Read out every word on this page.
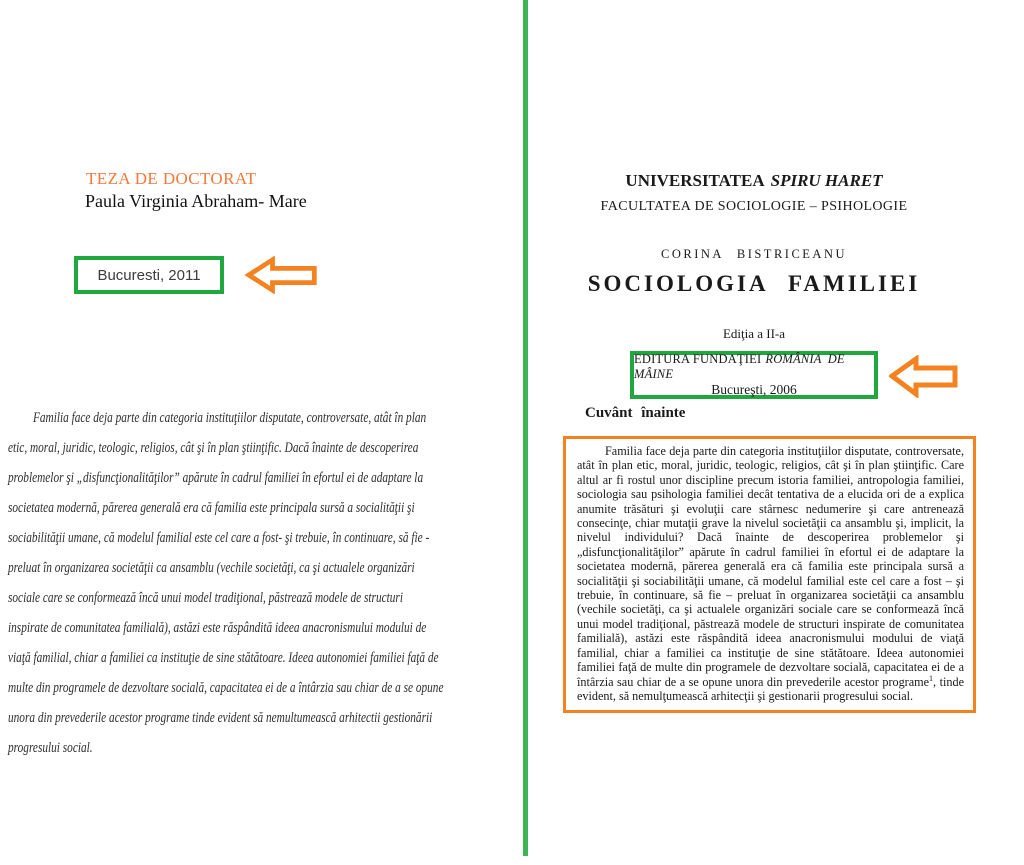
TEZA DE DOCTORAT
Paula Virginia Abraham- Mare
Bucuresti, 2011
Familia face deja parte din categoria instituţiilor disputate, controversate, atât în plan
etic, moral, juridic, teologic, religios, cât şi în plan ştiinţific. Dacă înainte de descoperirea
problemelor şi „disfuncţionalităţilor” apărute în cadrul familiei în efortul ei de adaptare la
societatea modernă, părerea generală era că familia este principala sursă a socialităţii şi
sociabilităţii umane, că modelul familial este cel care a fost- şi trebuie, în continuare, să fie -
preluat în organizarea societăţii ca ansamblu (vechile societăţi, ca şi actualele organizări
sociale care se conformează încă unui model tradiţional, păstrează modele de structuri
inspirate de comunitatea familială), astăzi este răspândită ideea anacronismului modului de
viaţă familial, chiar a familiei ca instituţie de sine stătătoare. Ideea autonomiei familiei faţă de
multe din programele de dezvoltare socială, capacitatea ei de a întârzia sau chiar de a se opune
unora din prevederile acestor programe tinde evident să nemultumească arhitectii gestionării
progresului social.
UNIVERSITATEA SPIRU HARET
FACULTATEA DE SOCIOLOGIE – PSIHOLOGIE
CORINA BISTRICEANU
SOCIOLOGIA FAMILIEI
Ediţia a II-a
EDITURA FUNDAŢIEI ROMÂNIA DE MÂINE
Bucureşti, 2006
Cuvânt înainte

Familia face deja parte din categoria instituţiilor disputate, controversate, atât în plan etic, moral, juridic, teologic, religios, cât şi în plan ştiinţific. Care altul ar fi rostul unor discipline precum istoria familiei, antropologia familiei, sociologia sau psihologia familiei decât tentativa de a elucida ori de a explica anumite trăsături şi evoluţii care stârnesc nedumerire şi care antrenează consecinţe, chiar mutaţii grave la nivelul societăţii ca ansamblu şi, implicit, la nivelul individului? Dacă înainte de descoperirea problemelor şi „disfuncţionalităţilor” apărute în cadrul familiei în efortul ei de adaptare la societatea modernă, părerea generală era că familia este principala sursă a socialităţii şi sociabilităţii umane, că modelul familial este cel care a fost – şi trebuie, în continuare, să fie – preluat în organizarea societăţii ca ansamblu (vechile societăţi, ca şi actualele organizări sociale care se conformează încă unui model tradiţional, păstrează modele de structuri inspirate de comunitatea familială), astăzi este răspândită ideea anacronismului modului de viaţă familial, chiar a familiei ca instituţie de sine stătătoare. Ideea autonomiei familiei faţă de multe din programele de dezvoltare socială, capacitatea ei de a întârzia sau chiar de a se opune unora din prevederile acestor programe$^1$, tinde evident, să nemulţumească arhitecţii şi gestionarii progresului social.
